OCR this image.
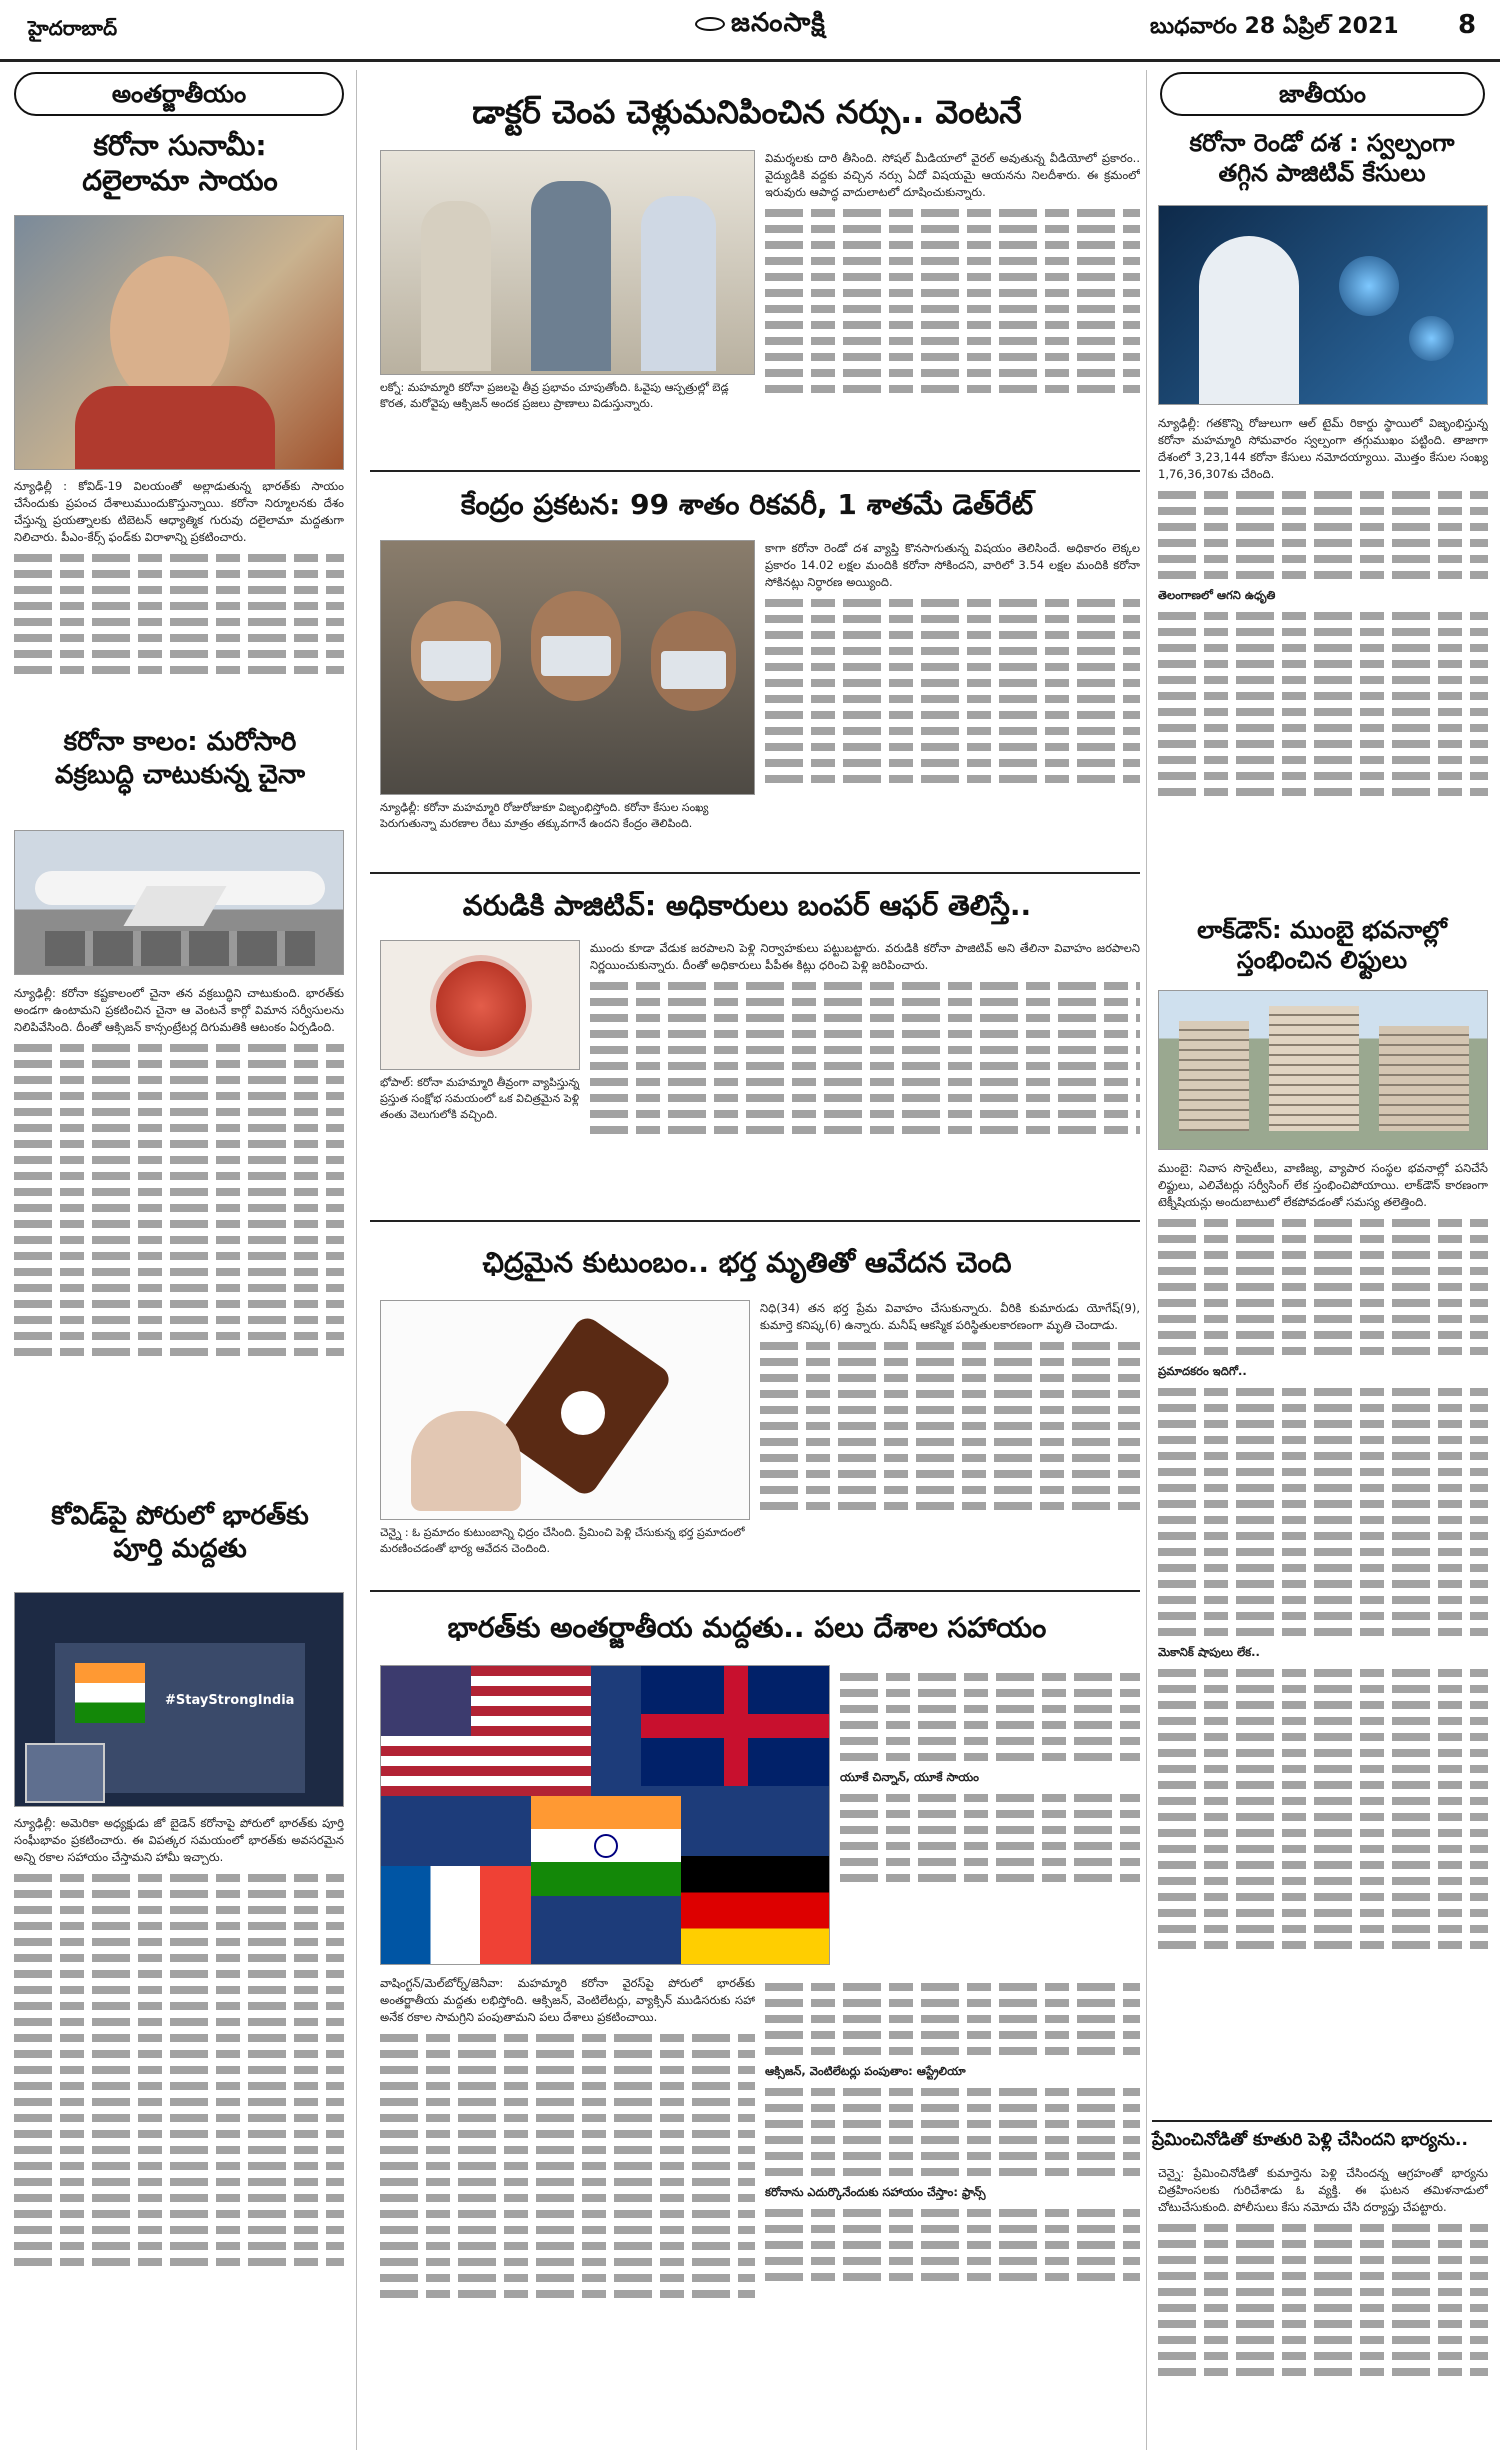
హైదరాబాద్	జనంసాక్షి	బుధవారం 28 ఏప్రిల్ 2021 8
అంతర్జాతీయం
కరోనా సునామీ:
దలైలామా సాయం
న్యూఢిల్లీ : కోవిడ్-19 విలయంతో అల్లాడుతున్న భారత్‌కు సాయం చేసేందుకు ప్రపంచ దేశాలుముందుకొస్తున్నాయి. కరోనా నిర్మూలనకు దేశం చేస్తున్న ప్రయత్నాలకు టిబెటన్ ఆధ్యాత్మిక గురువు దలైలామా మద్దతుగా నిలిచారు. పీఎం-కేర్స్ ఫండ్‌కు విరాళాన్ని ప్రకటించారు.
కరోనా కాలం: మరోసారి
వక్రబుద్ధి చాటుకున్న చైనా
న్యూఢిల్లీ: కరోనా కష్టకాలంలో చైనా తన వక్రబుద్ధిని చాటుకుంది. భారత్‌కు అండగా ఉంటామని ప్రకటించిన చైనా ఆ వెంటనే కార్గో విమాన సర్వీసులను నిలిపివేసింది. దీంతో ఆక్సిజన్ కాన్సంట్రేటర్ల దిగుమతికి ఆటంకం ఏర్పడింది.
కోవిడ్‌పై పోరులో భారత్‌కు
పూర్తి మద్దతు
#StayStrongIndia
న్యూఢిల్లీ: అమెరికా అధ్యక్షుడు జో బైడెన్ కరోనాపై పోరులో భారత్‌కు పూర్తి సంఘీభావం ప్రకటించారు. ఈ విపత్కర సమయంలో భారత్‌కు అవసరమైన అన్ని రకాల సహాయం చేస్తామని హామీ ఇచ్చారు.
డాక్టర్ చెంప చెళ్లుమనిపించిన నర్సు.. వెంటనే
లక్నో: మహమ్మారి కరోనా ప్రజలపై తీవ్ర ప్రభావం చూపుతోంది. ఓవైపు ఆస్పత్రుల్లో బెడ్ల కొరత, మరోవైపు ఆక్సిజన్ అందక ప్రజలు ప్రాణాలు విడుస్తున్నారు.
విమర్శలకు దారి తీసింది. సోషల్ మీడియాలో వైరల్ అవుతున్న వీడియోలో ప్రకారం.. వైద్యుడికి వద్దకు వచ్చిన నర్సు ఏదో విషయమై ఆయనను నిలదీశారు. ఈ క్రమంలో ఇరువురు ఆపాద్ధ వాదులాటలో దూషించుకున్నారు.
కేంద్రం ప్రకటన: 99 శాతం రికవరీ, 1 శాతమే డెత్‌రేట్
న్యూఢిల్లీ: కరోనా మహమ్మారి రోజురోజుకూ విజృంభిస్తోంది. కరోనా కేసుల సంఖ్య పెరుగుతున్నా మరణాల రేటు మాత్రం తక్కువగానే ఉందని కేంద్రం తెలిపింది.
కాగా కరోనా రెండో దశ వ్యాప్తి కొనసాగుతున్న విషయం తెలిసిందే. అధికారం లెక్కల ప్రకారం 14.02 లక్షల మందికి కరోనా సోకిందని, వారిలో 3.54 లక్షల మందికి కరోనా సోకినట్లు నిర్ధారణ అయ్యింది.
వరుడికి పాజిటివ్: అధికారులు బంపర్ ఆఫర్ తెలిస్తే..
భోపాల్: కరోనా మహమ్మారి తీవ్రంగా వ్యాపిస్తున్న ప్రస్తుత సంక్షోభ సమయంలో ఒక విచిత్రమైన పెళ్లి తంతు వెలుగులోకి వచ్చింది.
ముందు కూడా వేడుక జరపాలని పెళ్లి నిర్వాహకులు పట్టుబట్టారు. వరుడికి కరోనా పాజిటివ్ అని తేలినా వివాహం జరపాలని నిర్ణయించుకున్నారు. దీంతో అధికారులు పీపీఈ కిట్లు ధరించి పెళ్లి జరిపించారు.
ఛిద్రమైన కుటుంబం.. భర్త మృతితో ఆవేదన చెంది
చెన్నై : ఓ ప్రమాదం కుటుంబాన్ని ఛిద్రం చేసింది. ప్రేమించి పెళ్లి చేసుకున్న భర్త ప్రమాదంలో మరణించడంతో భార్య ఆవేదన చెందింది.
నిధి(34) తన భర్త ప్రేమ వివాహం చేసుకున్నారు. వీరికి కుమారుడు యోగేష్(9), కుమార్తె కనిష్క(6) ఉన్నారు. మనీష్ ఆకస్మిక పరిస్థితులకారణంగా మృతి చెందాడు.
భారత్‌కు అంతర్జాతీయ మద్దతు.. పలు దేశాల సహాయం
యూకే చిన్నాన్, యూకే సాయం
వాషింగ్టన్/మెల్‌బోర్న్/జెనీవా: మహమ్మారి కరోనా వైరస్‌పై పోరులో భారత్‌కు అంతర్జాతీయ మద్దతు లభిస్తోంది. ఆక్సిజన్, వెంటిలేటర్లు, వ్యాక్సిన్ ముడిసరుకు సహా అనేక రకాల సామగ్రిని పంపుతామని పలు దేశాలు ప్రకటించాయి.
ఆక్సిజన్, వెంటిలేటర్లు పంపుతాం: ఆస్ట్రేలియా
కరోనాను ఎదుర్కొనేందుకు సహాయం చేస్తాం: ఫ్రాన్స్
జాతీయం
కరోనా రెండో దశ : స్వల్పంగా
తగ్గిన పాజిటివ్ కేసులు
న్యూఢిల్లీ: గతకొన్ని రోజులుగా ఆల్ టైమ్ రికార్డు స్థాయిలో విజృంభిస్తున్న కరోనా మహమ్మారి సోమవారం స్వల్పంగా తగ్గుముఖం పట్టింది. తాజాగా దేశంలో 3,23,144 కరోనా కేసులు నమోదయ్యాయి. మొత్తం కేసుల సంఖ్య 1,76,36,307కు చేరింది.
తెలంగాణలో ఆగని ఉధృతి
లాక్‌డౌన్: ముంబై భవనాల్లో
స్తంభించిన లిఫ్టులు
ముంబై: నివాస సొసైటీలు, వాణిజ్య, వ్యాపార సంస్థల భవనాల్లో పనిచేసే లిఫ్టులు, ఎలివేటర్లు సర్వీసింగ్ లేక స్తంభించిపోయాయి. లాక్‌డౌన్ కారణంగా టెక్నీషియన్లు అందుబాటులో లేకపోవడంతో సమస్య తలెత్తింది.
ప్రమాదకరం ఇదిగో..
మెకానిక్ షాపులు లేక..
ప్రేమించినోడితో కూతురి పెళ్లి చేసిందని భార్యను..
చెన్నై: ప్రేమించినోడితో కుమార్తెను పెళ్లి చేసిందన్న ఆగ్రహంతో భార్యను చిత్రహింసలకు గురిచేశాడు ఓ వ్యక్తి. ఈ ఘటన తమిళనాడులో చోటుచేసుకుంది. పోలీసులు కేసు నమోదు చేసి దర్యాప్తు చేపట్టారు.
